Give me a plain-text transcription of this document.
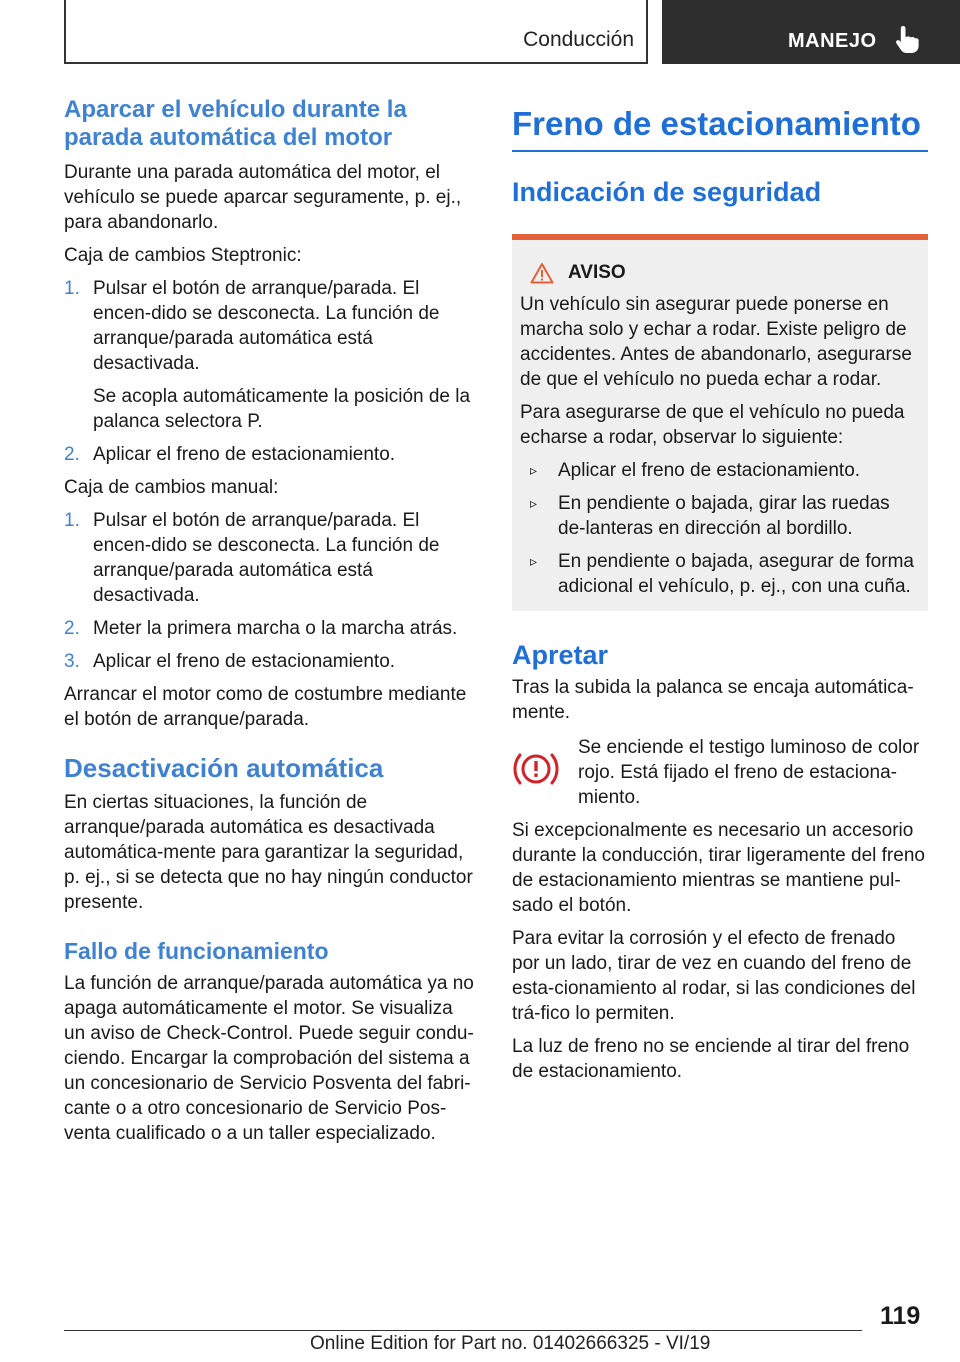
Conducción	MANEJO
Aparcar el vehículo durante la parada automática del motor

Durante una parada automática del motor, el vehículo se puede aparcar seguramente, p. ej., para abandonarlo.

Caja de cambios Steptronic:

1. Pulsar el botón de arranque/parada. El encen‐dido se desconecta. La función de arranque/parada automática está desactivada.

Se acopla automáticamente la posición de la palanca selectora P.

2. Aplicar el freno de estacionamiento.

Caja de cambios manual:

1. Pulsar el botón de arranque/parada. El encen‐dido se desconecta. La función de arranque/parada automática está desactivada.
2. Meter la primera marcha o la marcha atrás.
3. Aplicar el freno de estacionamiento.

Arrancar el motor como de costumbre mediante el botón de arranque/parada.

Desactivación automática

En ciertas situaciones, la función de arranque/parada automática es desactivada automática‐mente para garantizar la seguridad, p. ej., si se detecta que no hay ningún conductor presente.

Fallo de funcionamiento

La función de arranque/parada automática ya no apaga automáticamente el motor. Se visualiza un aviso de Check-Control. Puede seguir condu‐ciendo. Encargar la comprobación del sistema a un concesionario de Servicio Posventa del fabri‐cante o a otro concesionario de Servicio Pos‐venta cualificado o a un taller especializado.

Freno de estacionamiento
Indicación de seguridad
AVISO

Un vehículo sin asegurar puede ponerse en marcha solo y echar a rodar. Existe peligro de accidentes. Antes de abandonarlo, asegurarse de que el vehículo no pueda echar a rodar.

Para asegurarse de que el vehículo no pueda echarse a rodar, observar lo siguiente:

▹ Aplicar el freno de estacionamiento.
▹ En pendiente o bajada, girar las ruedas de‐lanteras en dirección al bordillo.
▹ En pendiente o bajada, asegurar de forma adicional el vehículo, p. ej., con una cuña.
Apretar

Tras la subida la palanca se encaja automática‐mente.

Se enciende el testigo luminoso de color rojo. Está fijado el freno de estaciona‐miento.

Si excepcionalmente es necesario un accesorio durante la conducción, tirar ligeramente del freno de estacionamiento mientras se mantiene pul‐sado el botón.

Para evitar la corrosión y el efecto de frenado por un lado, tirar de vez en cuando del freno de esta‐cionamiento al rodar, si las condiciones del trá‐fico lo permiten.

La luz de freno no se enciende al tirar del freno de estacionamiento.

119
Online Edition for Part no. 01402666325 - VI/19
